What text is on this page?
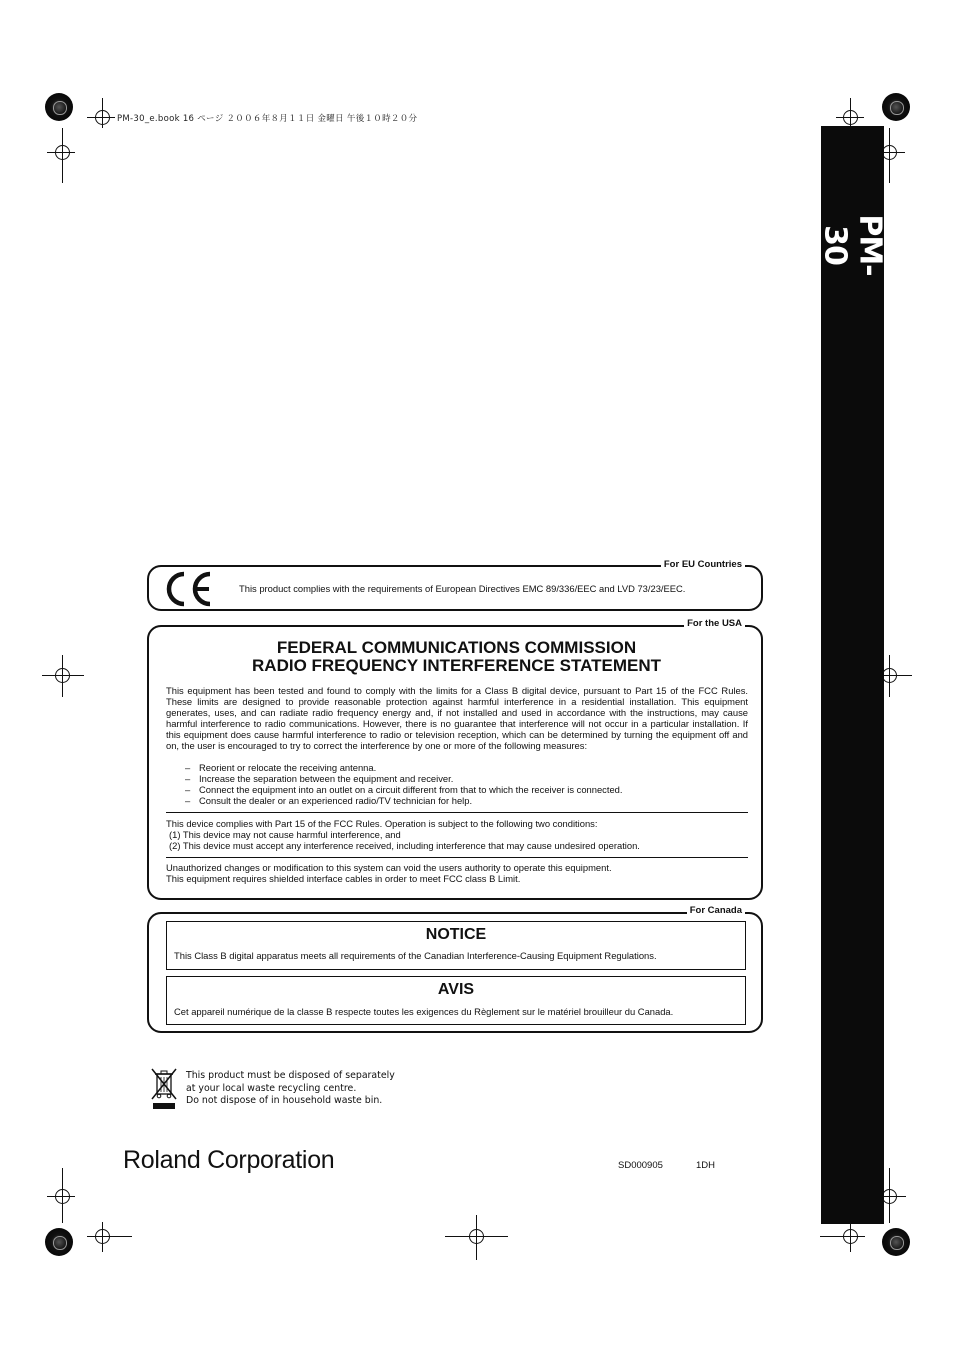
PM-30_e.book 16 ページ ２００６年８月１１日 金曜日 午後１０時２０分
PM-30
For EU Countries
This product complies with the requirements of European Directives EMC 89/336/EEC and LVD 73/23/EEC.
For the USA
FEDERAL COMMUNICATIONS COMMISSION
RADIO FREQUENCY INTERFERENCE STATEMENT
This equipment has been tested and found to comply with the limits for a Class B digital device, pursuant to Part 15 of the FCC Rules. These limits are designed to provide reasonable protection against harmful interference in a residential installation. This equipment generates, uses, and can radiate radio frequency energy and, if not installed and used in accordance with the instructions, may cause harmful interference to radio communications. However, there is no guarantee that interference will not occur in a particular installation. If this equipment does cause harmful interference to radio or television reception, which can be determined by turning the equipment off and on, the user is encouraged to try to correct the interference by one or more of the following measures:
– Reorient or relocate the receiving antenna.
– Increase the separation between the equipment and receiver.
– Connect the equipment into an outlet on a circuit different from that to which the receiver is connected.
– Consult the dealer or an experienced radio/TV technician for help.
This device complies with Part 15 of the FCC Rules. Operation is subject to the following two conditions:
(1) This device may not cause harmful interference, and
(2) This device must accept any interference received, including interference that may cause undesired operation.
Unauthorized changes or modification to this system can void the users authority to operate this equipment.
This equipment requires shielded interface cables in order to meet FCC class B Limit.
For Canada
NOTICE
This Class B digital apparatus meets all requirements of the Canadian Interference-Causing Equipment Regulations.
AVIS
Cet appareil numérique de la classe B respecte toutes les exigences du Règlement sur le matériel brouilleur du Canada.
This product must be disposed of separately
at your local waste recycling centre.
Do not dispose of in household waste bin.
Roland Corporation	SD000905	1DH
